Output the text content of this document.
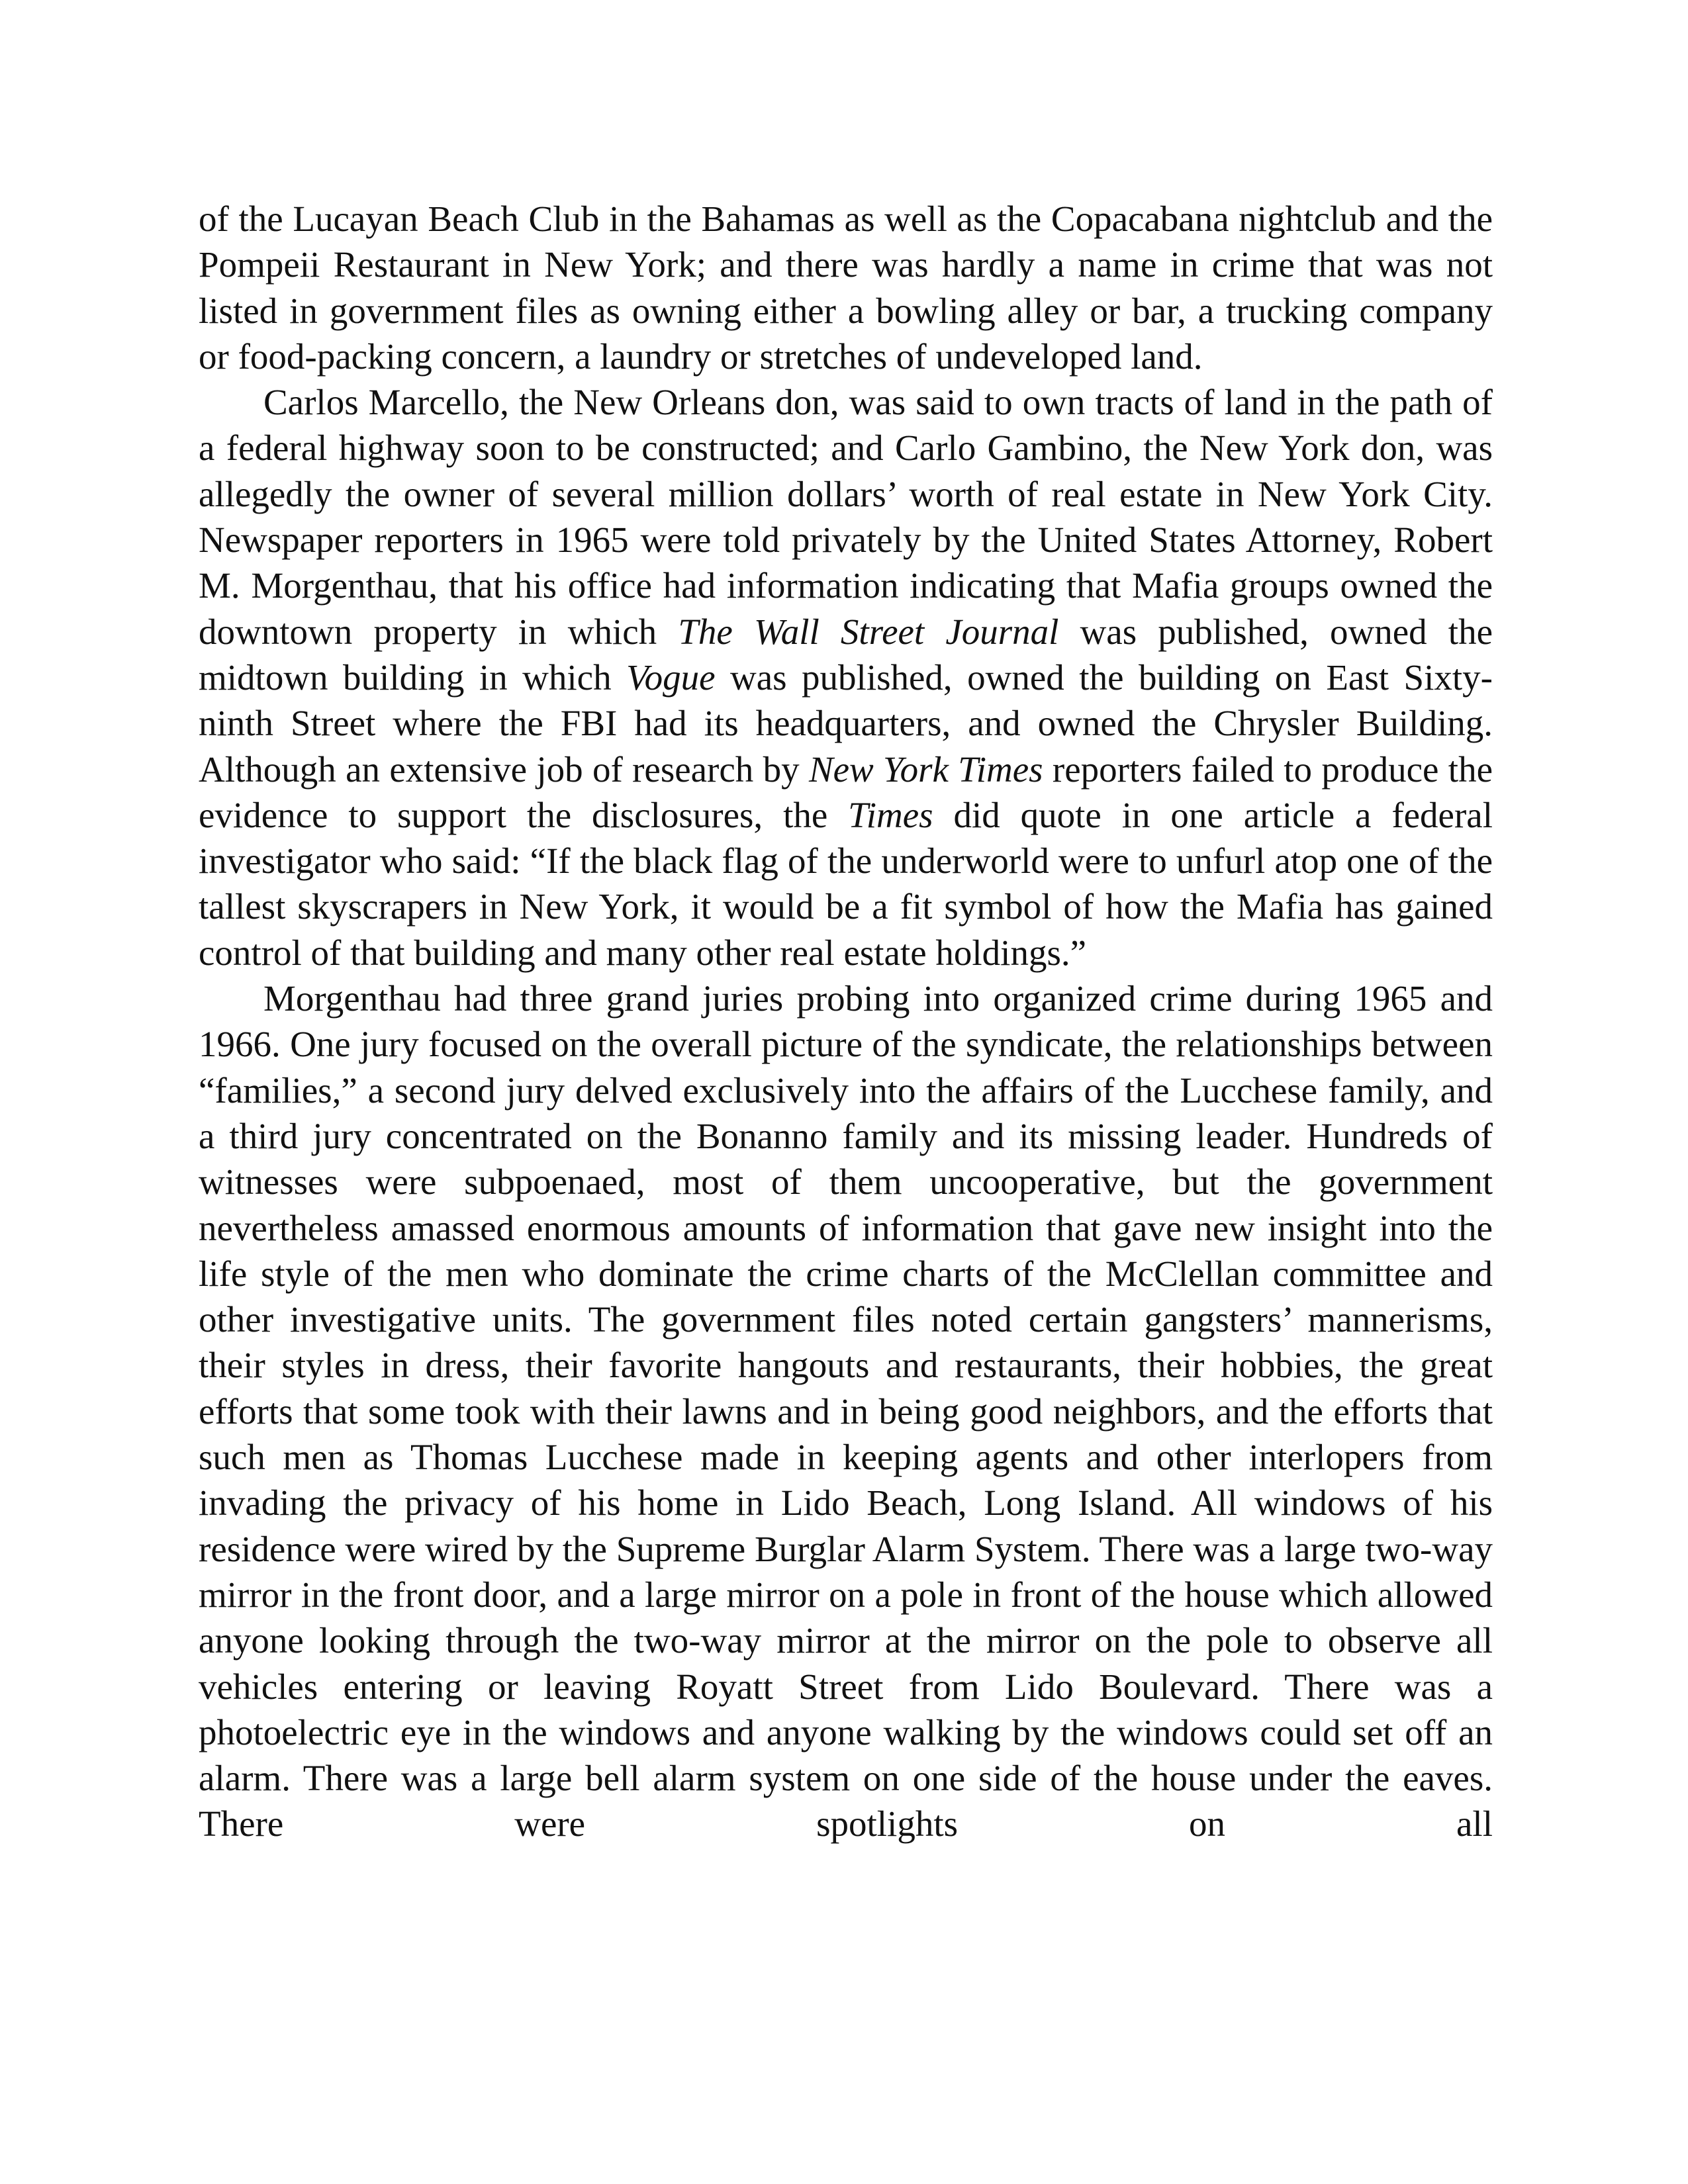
of the Lucayan Beach Club in the Bahamas as well as the Copacabana nightclub and the Pompeii Restaurant in New York; and there was hardly a name in crime that was not listed in government files as owning either a bowling alley or bar, a trucking company or food-packing concern, a laundry or stretches of undeveloped land.

Carlos Marcello, the New Orleans don, was said to own tracts of land in the path of a federal highway soon to be constructed; and Carlo Gambino, the New York don, was allegedly the owner of several million dollars’ worth of real estate in New York City. Newspaper reporters in 1965 were told privately by the United States Attorney, Robert M. Morgenthau, that his office had information indicating that Mafia groups owned the downtown property in which The Wall Street Journal was published, owned the midtown building in which Vogue was published, owned the building on East Sixty-ninth Street where the FBI had its headquarters, and owned the Chrysler Building. Although an extensive job of research by New York Times reporters failed to produce the evidence to support the disclosures, the Times did quote in one article a federal investigator who said: “If the black flag of the underworld were to unfurl atop one of the tallest skyscrapers in New York, it would be a fit symbol of how the Mafia has gained control of that building and many other real estate holdings.”

Morgenthau had three grand juries probing into organized crime during 1965 and 1966. One jury focused on the overall picture of the syndicate, the relationships between “families,” a second jury delved exclusively into the affairs of the Lucchese family, and a third jury concentrated on the Bonanno family and its missing leader. Hundreds of witnesses were subpoenaed, most of them uncooperative, but the government nevertheless amassed enormous amounts of information that gave new insight into the life style of the men who dominate the crime charts of the McClellan committee and other investigative units. The government files noted certain gangsters’ mannerisms, their styles in dress, their favorite hangouts and restaurants, their hobbies, the great efforts that some took with their lawns and in being good neighbors, and the efforts that such men as Thomas Lucchese made in keeping agents and other interlopers from invading the privacy of his home in Lido Beach, Long Island. All windows of his residence were wired by the Supreme Burglar Alarm System. There was a large two-way mirror in the front door, and a large mirror on a pole in front of the house which allowed anyone looking through the two-way mirror at the mirror on the pole to observe all vehicles entering or leaving Royatt Street from Lido Boulevard. There was a photoelectric eye in the windows and anyone walking by the windows could set off an alarm. There was a large bell alarm system on one side of the house under the eaves. There were spotlights on all
